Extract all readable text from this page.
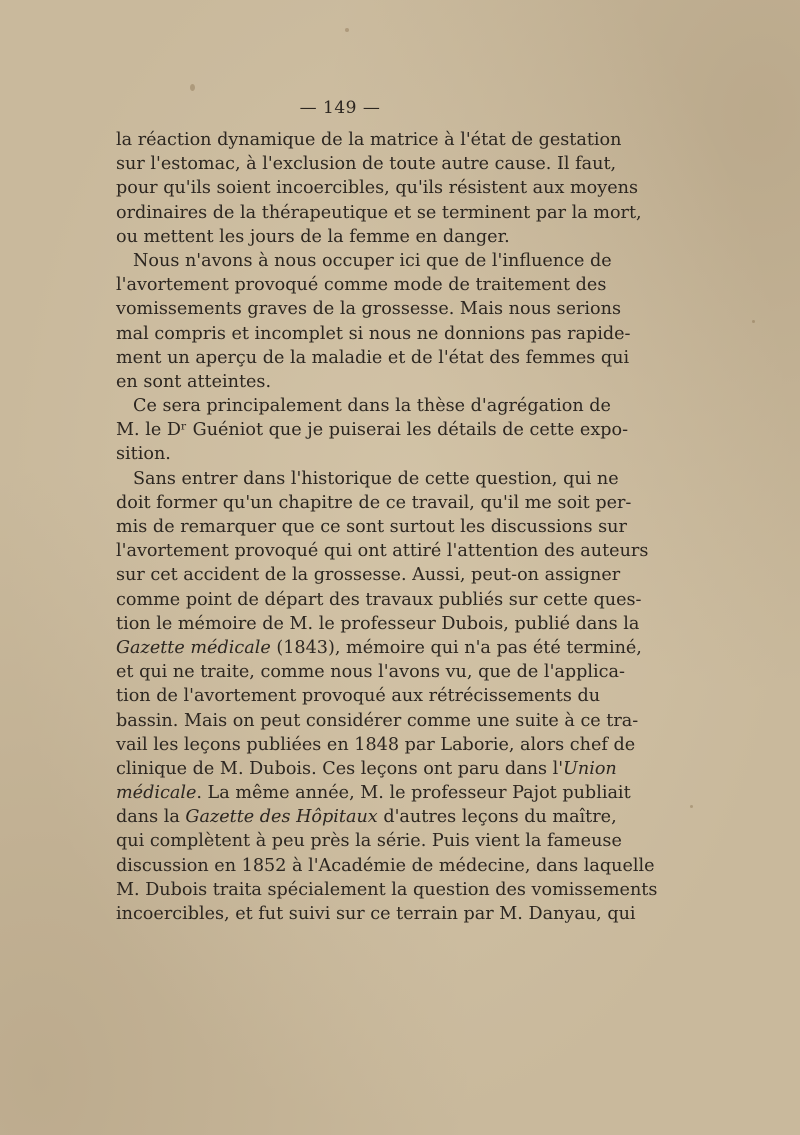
— 149 —
la réaction dynamique de la matrice à l'état de gestation
sur l'estomac, à l'exclusion de toute autre cause. Il faut,
pour qu'ils soient incoercibles, qu'ils résistent aux moyens
ordinaires de la thérapeutique et se terminent par la mort,
ou mettent les jours de la femme en danger.
Nous n'avons à nous occuper ici que de l'influence de
l'avortement provoqué comme mode de traitement des
vomissements graves de la grossesse. Mais nous serions
mal compris et incomplet si nous ne donnions pas rapide-
ment un aperçu de la maladie et de l'état des femmes qui
en sont atteintes.
Ce sera principalement dans la thèse d'agrégation de
M. le Dʳ Guéniot que je puiserai les détails de cette expo-
sition.
Sans entrer dans l'historique de cette question, qui ne
doit former qu'un chapitre de ce travail, qu'il me soit per-
mis de remarquer que ce sont surtout les discussions sur
l'avortement provoqué qui ont attiré l'attention des auteurs
sur cet accident de la grossesse. Aussi, peut-on assigner
comme point de départ des travaux publiés sur cette ques-
tion le mémoire de M. le professeur Dubois, publié dans la
Gazette médicale (1843), mémoire qui n'a pas été terminé,
et qui ne traite, comme nous l'avons vu, que de l'applica-
tion de l'avortement provoqué aux rétrécissements du
bassin. Mais on peut considérer comme une suite à ce tra-
vail les leçons publiées en 1848 par Laborie, alors chef de
clinique de M. Dubois. Ces leçons ont paru dans l'Union
médicale. La même année, M. le professeur Pajot publiait
dans la Gazette des Hôpitaux d'autres leçons du maître,
qui complètent à peu près la série. Puis vient la fameuse
discussion en 1852 à l'Académie de médecine, dans laquelle
M. Dubois traita spécialement la question des vomissements
incoercibles, et fut suivi sur ce terrain par M. Danyau, qui
